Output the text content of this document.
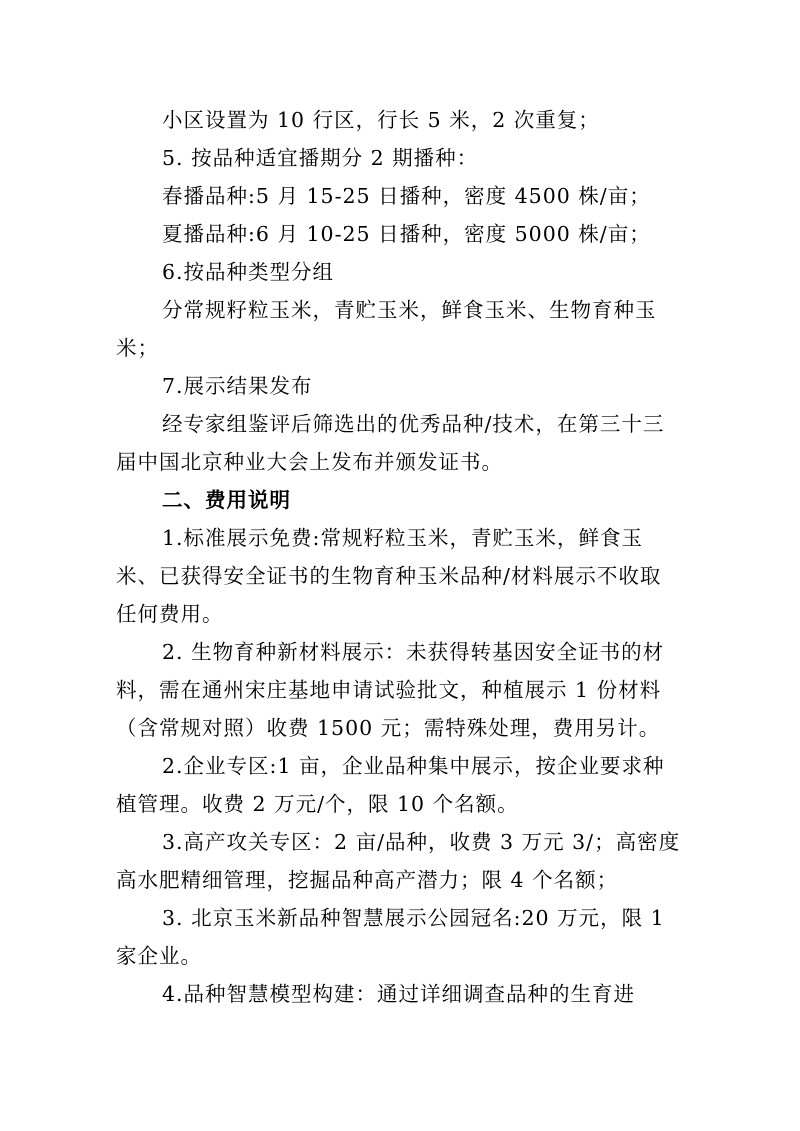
小区设置为 10 行区，行长 5 米，2 次重复；
5. 按品种适宜播期分 2 期播种：
春播品种:5 月 15-25 日播种，密度 4500 株/亩；
夏播品种:6 月 10-25 日播种，密度 5000 株/亩；
6.按品种类型分组
分常规籽粒玉米，青贮玉米，鲜食玉米、生物育种玉
米；
7.展示结果发布
经专家组鉴评后筛选出的优秀品种/技术，在第三十三
届中国北京种业大会上发布并颁发证书。
二、费用说明
1.标准展示免费:常规籽粒玉米，青贮玉米，鲜食玉
米、已获得安全证书的生物育种玉米品种/材料展示不收取
任何费用。
2. 生物育种新材料展示：未获得转基因安全证书的材
料，需在通州宋庄基地申请试验批文，种植展示 1 份材料
（含常规对照）收费 1500 元；需特殊处理，费用另计。
2.企业专区:1 亩，企业品种集中展示，按企业要求种
植管理。收费 2 万元/个，限 10 个名额。
3.高产攻关专区：2 亩/品种，收费 3 万元 3/；高密度
高水肥精细管理，挖掘品种高产潜力；限 4 个名额；
3. 北京玉米新品种智慧展示公园冠名:20 万元，限 1
家企业。
4.品种智慧模型构建：通过详细调查品种的生育进
